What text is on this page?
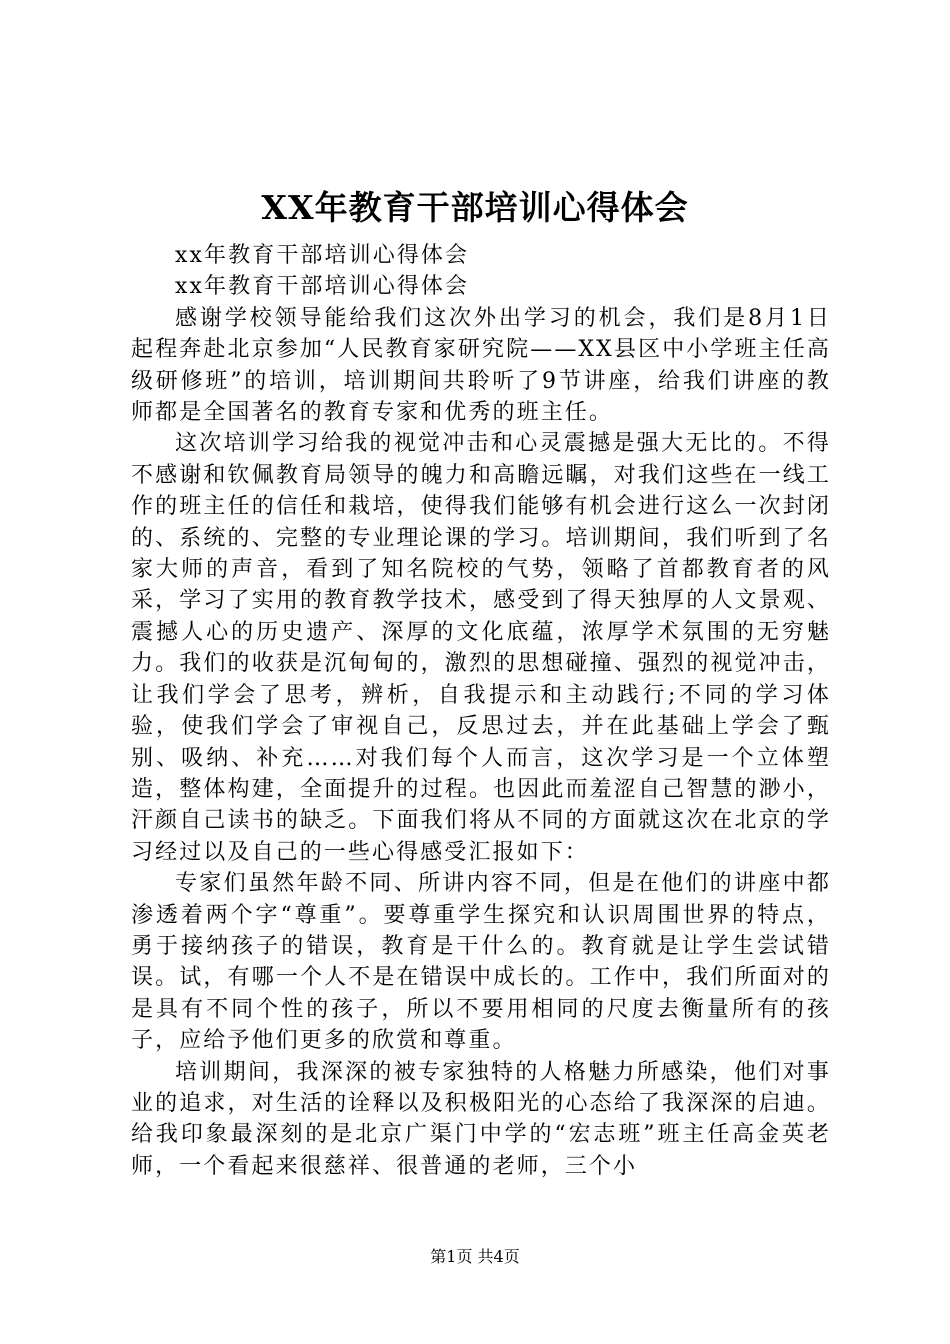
XX年教育干部培训心得体会

xx年教育干部培训心得体会

xx年教育干部培训心得体会

感谢学校领导能给我们这次外出学习的机会，我们是8月1日起程奔赴北京参加“人民教育家研究院——XX县区中小学班主任高级研修班”的培训，培训期间共聆听了9节讲座，给我们讲座的教师都是全国著名的教育专家和优秀的班主任。

这次培训学习给我的视觉冲击和心灵震撼是强大无比的。不得不感谢和钦佩教育局领导的魄力和高瞻远瞩，对我们这些在一线工作的班主任的信任和栽培，使得我们能够有机会进行这么一次封闭的、系统的、完整的专业理论课的学习。培训期间，我们听到了名家大师的声音，看到了知名院校的气势，领略了首都教育者的风采，学习了实用的教育教学技术，感受到了得天独厚的人文景观、震撼人心的历史遗产、深厚的文化底蕴，浓厚学术氛围的无穷魅力。我们的收获是沉甸甸的，激烈的思想碰撞、强烈的视觉冲击，让我们学会了思考，辨析，自我提示和主动践行;不同的学习体验，使我们学会了审视自己，反思过去，并在此基础上学会了甄别、吸纳、补充……对我们每个人而言，这次学习是一个立体塑造，整体构建，全面提升的过程。也因此而羞涩自己智慧的渺小，汗颜自己读书的缺乏。下面我们将从不同的方面就这次在北京的学习经过以及自己的一些心得感受汇报如下：

专家们虽然年龄不同、所讲内容不同，但是在他们的讲座中都渗透着两个字“尊重”。要尊重学生探究和认识周围世界的特点，勇于接纳孩子的错误，教育是干什么的。教育就是让学生尝试错误。试，有哪一个人不是在错误中成长的。工作中，我们所面对的是具有不同个性的孩子，所以不要用相同的尺度去衡量所有的孩子，应给予他们更多的欣赏和尊重。

培训期间，我深深的被专家独特的人格魅力所感染，他们对事业的追求，对生活的诠释以及积极阳光的心态给了我深深的启迪。给我印象最深刻的是北京广渠门中学的“宏志班”班主任高金英老师，一个看起来很慈祥、很普通的老师，三个小

第1页 共4页
